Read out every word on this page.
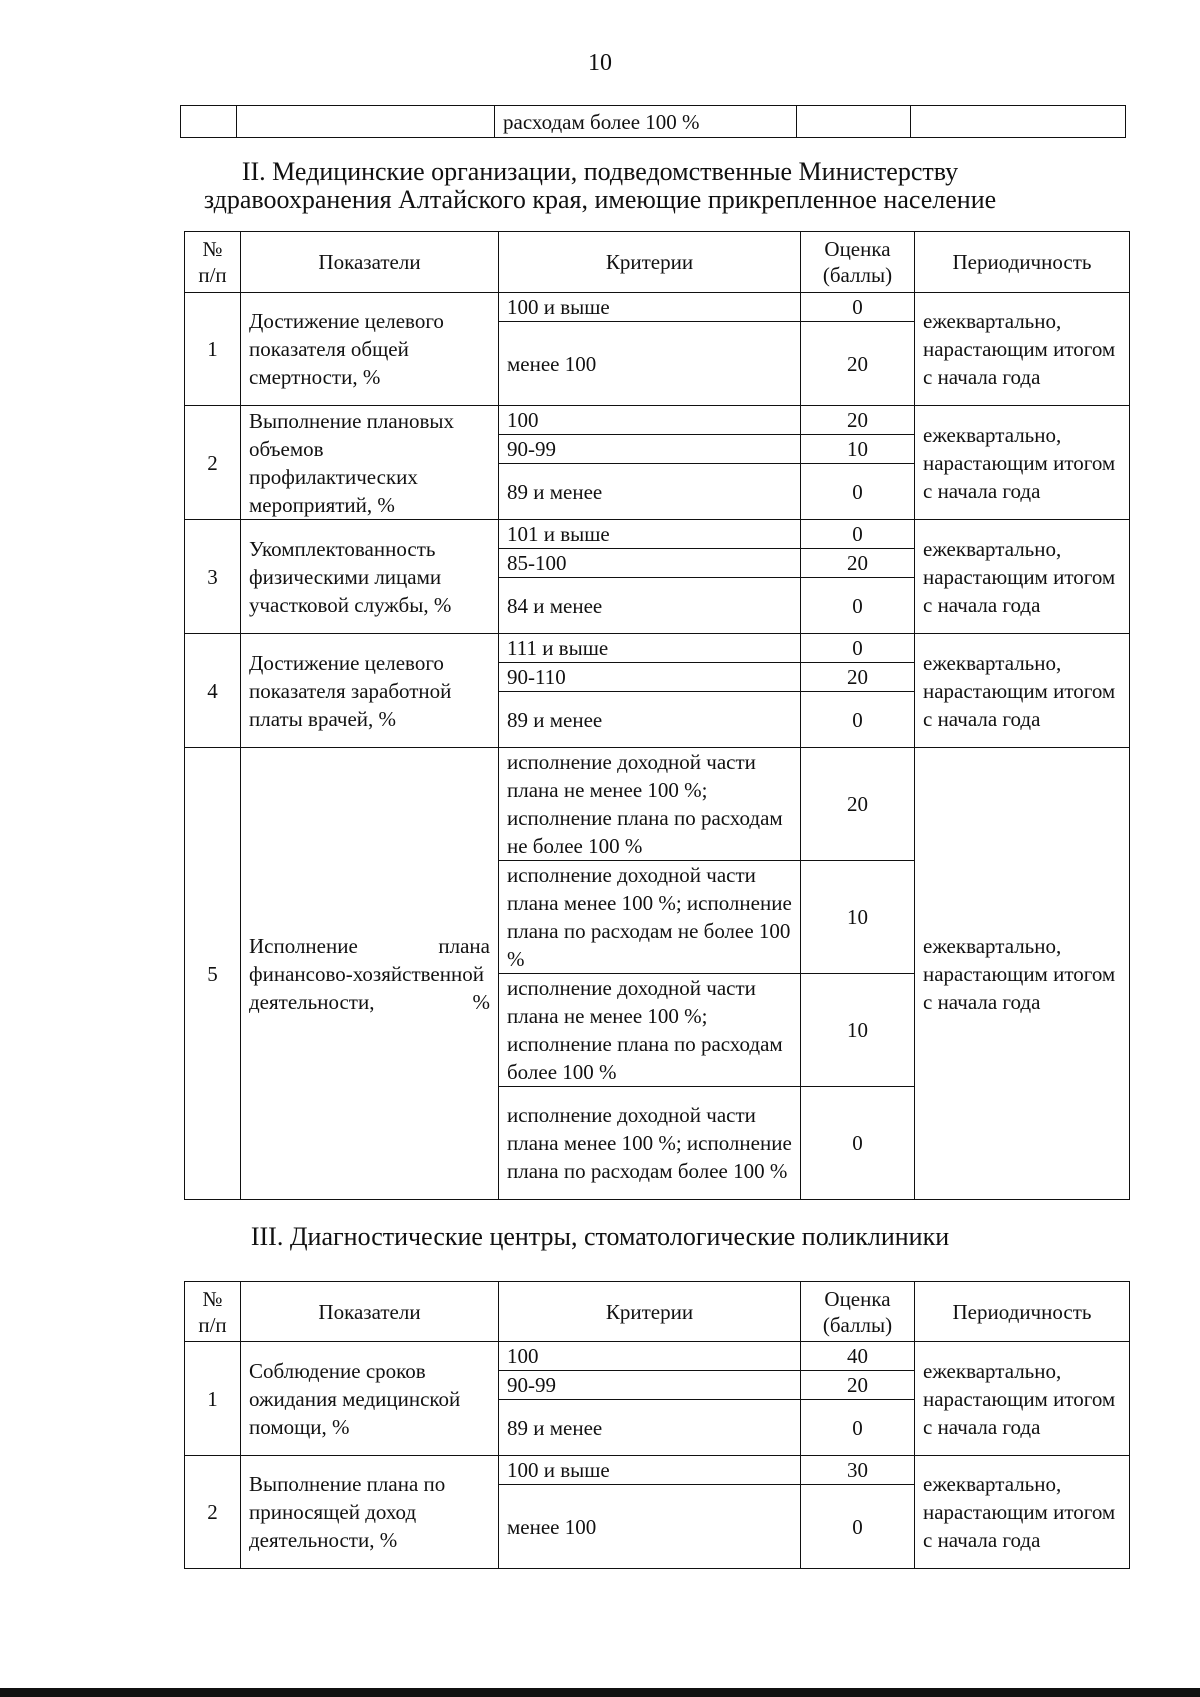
10
		расходам более 100 %		
II. Медицинские организации, подведомственные Министерству
здравоохранения Алтайского края, имеющие прикрепленное население
№ п/п	Показатели	Критерии	Оценка (баллы)	Периодичность
1	Достижение целевого показателя общей смертности, %	100 и выше	0	ежеквартально, нарастающим итогом с начала года
		менее 100	20	
2	Выполнение плановых объемов профилактических мероприятий, %	100	20	ежеквартально, нарастающим итогом с начала года
		90-99	10	
		89 и менее	0	
3	Укомплектованность физическими лицами участковой службы, %	101 и выше	0	ежеквартально, нарастающим итогом с начала года
		85-100	20	
		84 и менее	0	
4	Достижение целевого показателя заработной платы врачей, %	111 и выше	0	ежеквартально, нарастающим итогом с начала года
		90-110	20	
		89 и менее	0	
5	Исполнение плана финансово-хозяйственной деятельности, %	исполнение доходной части плана не менее 100 %; исполнение плана по расходам не более 100 %	20	ежеквартально, нарастающим итогом с начала года
		исполнение доходной части плана менее 100 %; исполнение плана по расходам не более 100 %	10	
		исполнение доходной части плана не менее 100 %; исполнение плана по расходам более 100 %	10	
		исполнение доходной части плана менее 100 %; исполнение плана по расходам более 100 %	0	
III. Диагностические центры, стоматологические поликлиники
№ п/п	Показатели	Критерии	Оценка (баллы)	Периодичность
1	Соблюдение сроков ожидания медицинской помощи, %	100	40	ежеквартально, нарастающим итогом с начала года
		90-99	20	
		89 и менее	0	
2	Выполнение плана по приносящей доход деятельности, %	100 и выше	30	ежеквартально, нарастающим итогом с начала года
		менее 100	0	
